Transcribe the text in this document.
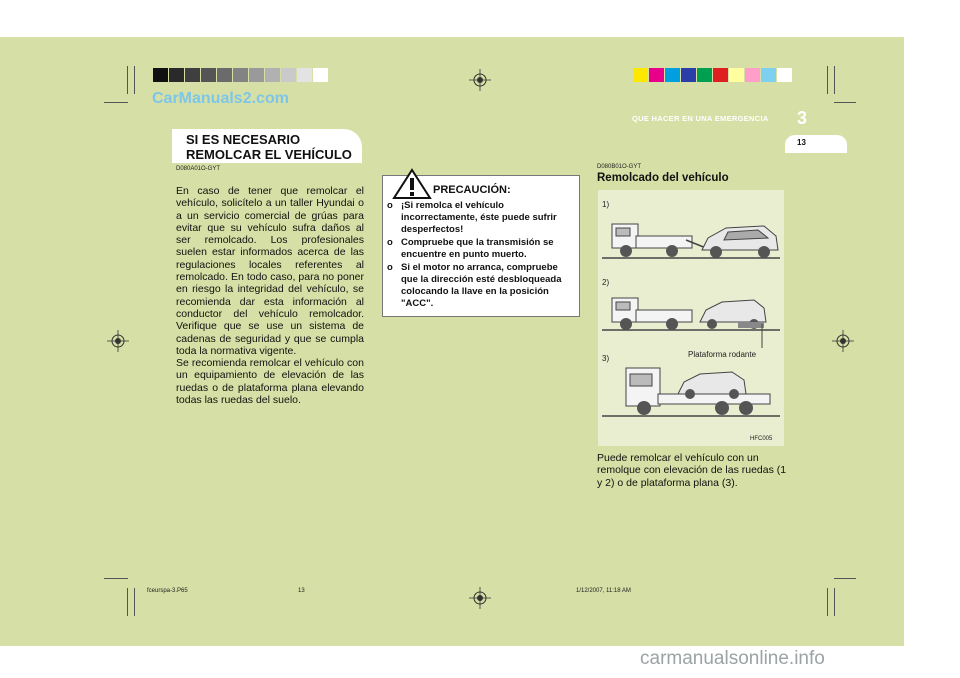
CarManuals2.com
QUE HACER EN UNA EMERGENCIA 3
13
SI ES NECESARIO
REMOLCAR EL VEHÍCULO
D080A01O-GYT

En caso de tener que remolcar el vehículo, solicítelo a un taller Hyundai o a un servicio comercial de grúas para evitar que su vehículo sufra daños al ser remolcado. Los profesionales suelen estar informados acerca de las regulaciones locales referentes al remolcado. En todo caso, para no poner en riesgo la integridad del vehículo, se recomienda dar esta información al conductor del vehículo remolcador. Verifique que se use un sistema de cadenas de seguridad y que se cumpla toda la normativa vigente.

Se recomienda remolcar el vehículo con un equipamiento de elevación de las ruedas o de plataforma plana elevando todas las ruedas del suelo.

PRECAUCIÓN:
o ¡Si remolca el vehículo incorrectamente, éste puede sufrir desperfectos!
o Compruebe que la transmisión se encuentre en punto muerto.
o Si el motor no arranca, compruebe que la dirección esté desbloqueada colocando la llave en la posición "ACC".
D080B01O-GYT
Remolcado del vehículo
1)
2)
3)	Plataforma rodante
HFC005
Puede remolcar el vehículo con un remolque con elevación de las ruedas (1 y 2) o de plataforma plana (3).
fceurspa-3.P65	13	1/12/2007, 11:18 AM
carmanualsonline.info
